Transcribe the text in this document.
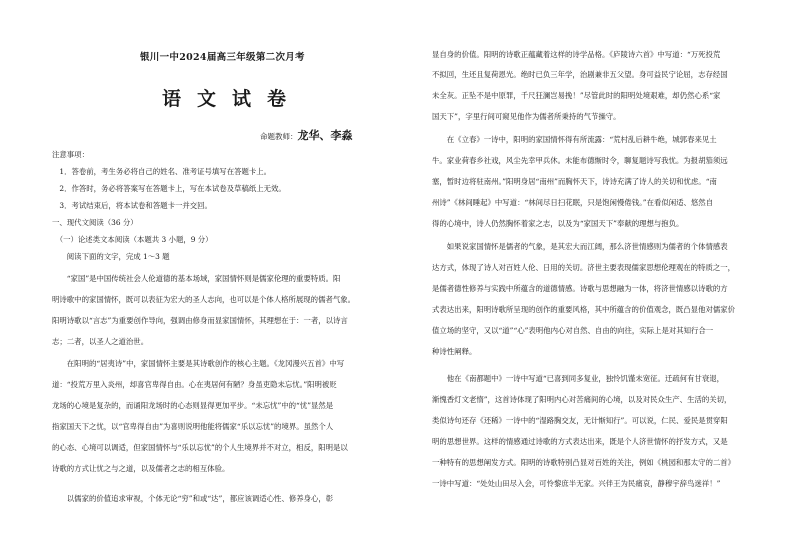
银川一中2024届高三年级第二次月考
语文试卷
命题教师：龙华、李淼
注意事项：
　1．答卷前，考生务必将自己的姓名、准考证号填写在答题卡上。
　2．作答时，务必将答案写在答题卡上，写在本试卷及草稿纸上无效。
　3．考试结束后，将本试卷和答题卡一并交回。
一、现代文阅读（36 分）
　（一）论述类文本阅读（本题共 3 小题，9 分）
　　阅读下面的文字，完成 1～3 题
　　“家国”是中国传统社会人伦道德的基本场域，家国情怀则是儒家伦理的重要特质。阳
明诗歌中的家国情怀，既可以表征为宏大的圣人志向，也可以是个体人格所展现的儒者气象。
阳明诗歌以“言志”为重要创作导向，强调由修身而显家国情怀，其理想在于：一者，以诗言
志；二者，以圣人之道治世。
　　在阳明的“居夷诗”中，家国情怀主要是其诗歌创作的核心主题。《龙冈漫兴五首》中写
道：“投荒万里入炎州，却喜官卑得自由。心在夷居何有陋？身虽吏隐未忘忧。”阳明被贬
龙场的心境是复杂的，而诵阳龙场时的心态则显得更加平步。“未忘忧”中的“忧”显然是
指家国天下之忧，以“官卑得自由”为喜则说明他能将儒家“乐以忘忧”的境界。虽然个人
的心态、心境可以调适，但家国情怀与“乐以忘忧”的个人生境界并不对立，相反，阳明是以
诗歌的方式让忧之与之道，以及儒者之志的相互体验。
　　以儒家的价值追求审视，个体无论“穷”和或“达”，都应该调适心性、修养身心，彰
显自身的价值。阳明的诗歌正蕴藏着这样的诗学品格。《庐陵诗六首》中写道：“万死投荒
不拟回，生还且复荷恩光。绝时已负三年学，治剧兼非五父望。身可益民宁论屈，志存经国
未全灰。正坠不是中原罪，千尺狂澜岂易挽！”尽管此时的阳明处境艰难，却仍然心系“家
国天下”，字里行间可窥见他作为儒者所秉持的气节操守。
　　在《立春》一诗中，阳明的家国情怀得有所流露：“荒村乱后耕牛绝，城郭春来见土
牛。家业荷春乡社戏，风尘先幸甲兵休。未能布德惭时令，聊复题诗写我忧。为报胡笳须远
塞，暂时边将驻南州。”阳明身居“南州”而胸怀天下，诗诗充满了诗人的关切和忧虑。“南
州诗”《林间睡起》中写道：“林间尽日扫花眠，只是饱闲慢倦钱。”在看似闲适、悠然自
得的心境中，诗人仍然胸怀着家之志，以及为“家国天下”奉献的理想与抱负。
　　如果说家国情怀是儒者的气象，是其宏大而江阔，那么济世情感则为儒者的个体情感表
达方式，体现了诗人对百姓人伦、日用的关切。济世主要表现儒家思想伦理观在的特质之一，
是儒者德性修养与实践中所蕴含的道德情感。诗歌与思想融为一体，将济世情感以诗歌的方
式表达出来，阳明诗歌所呈现的创作的重要风格，其中所蕴含的价值观念，既凸显他对儒家价
值立场的坚守，又以“道”“心”表明他内心对自然、自由的向往，实际上是对其知行合一
种诗性阐释。
　　他在《南都题中》一诗中写道“已喜到同多复业，独怜饥馑未宽征。迁疏何有甘衰退，
渐愧香灯文老惰”，这首诗体现了阳明内心对苦痛间的心境，以及对民众生产、生活的关切，
类似诗句还存《还稀》一诗中的“湿路胸交友，无计惭知行”。可以说，仁民、爱民是贯穿阳
明的思想世界。这样的情感通过诗歌的方式表达出来，既是个人济世情怀的抒发方式，又是
一种特有的思想阐发方式。阳明的诗歌特别凸显对百姓的关注，例如《桃园和那太守的二首》
一诗中写道：“处处山田尽入会，可怜黎庶半无家。兴伴王为民痛哀，静穆宇辞鸟迷祥！”
